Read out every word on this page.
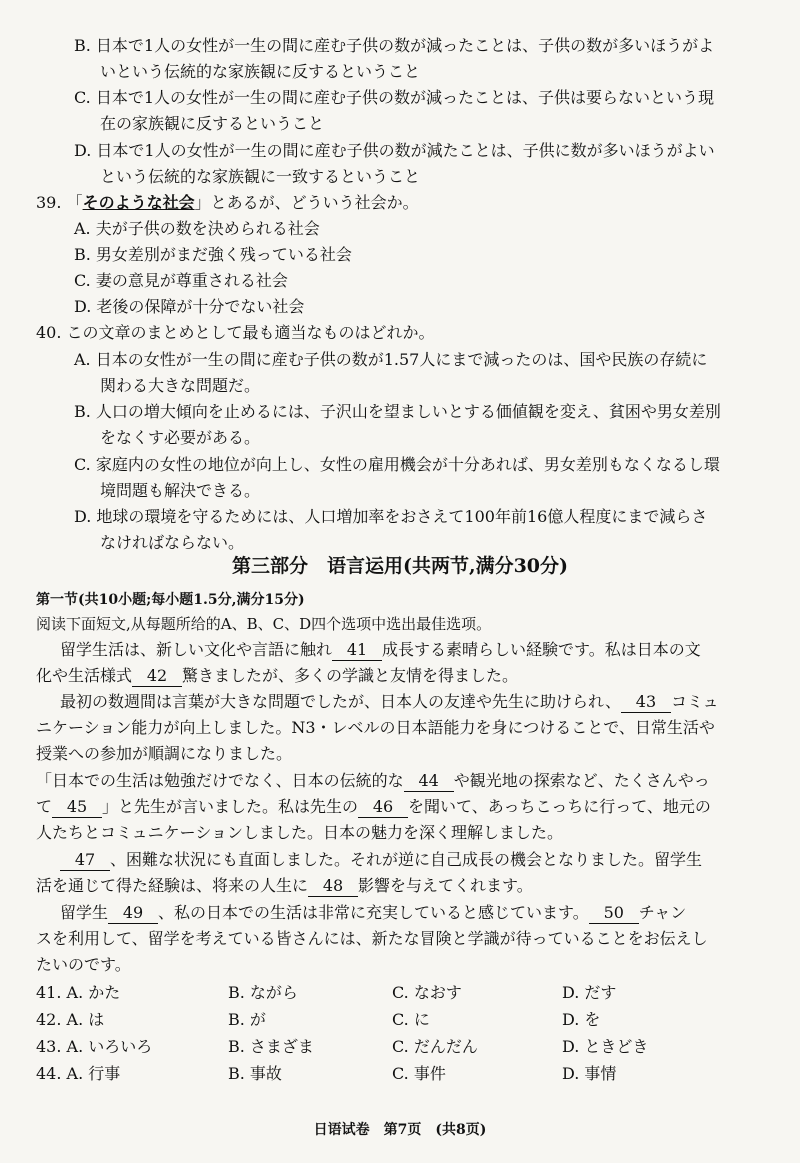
B. 日本で1人の女性が一生の間に産む子供の数が減ったことは、子供の数が多いほうがよ
いという伝統的な家族観に反するということ
C. 日本で1人の女性が一生の間に産む子供の数が減ったことは、子供は要らないという現
在の家族観に反するということ
D. 日本で1人の女性が一生の間に産む子供の数が減たことは、子供に数が多いほうがよい
という伝統的な家族観に一致するということ
39. 「そのような社会」とあるが、どういう社会か。
A. 夫が子供の数を決められる社会
B. 男女差別がまだ強く残っている社会
C. 妻の意見が尊重される社会
D. 老後の保障が十分でない社会
40. この文章のまとめとして最も適当なものはどれか。
A. 日本の女性が一生の間に産む子供の数が1.57人にまで減ったのは、国や民族の存続に
関わる大きな問題だ。
B. 人口の増大傾向を止めるには、子沢山を望ましいとする価値観を変え、貧困や男女差別
をなくす必要がある。
C. 家庭内の女性の地位が向上し、女性の雇用機会が十分あれば、男女差別もなくなるし環
境問題も解決できる。
D. 地球の環境を守るためには、人口増加率をおさえて100年前16億人程度にまで減らさ
なければならない。
第三部分　语言运用(共两节,满分30分)
第一节(共10小题;每小题1.5分,满分15分)
阅读下面短文,从每题所给的A、B、C、D四个选项中选出最佳选项。
留学生活は、新しい文化や言語に触れ 41 成長する素晴らしい経験です。私は日本の文
化や生活様式 42 驚きましたが、多くの学識と友情を得ました。
最初の数週間は言葉が大きな問題でしたが、日本人の友達や先生に助けられ、 43 コミュ
ニケーション能力が向上しました。N3・レベルの日本語能力を身につけることで、日常生活や
授業への参加が順調になりました。
「日本での生活は勉強だけでなく、日本の伝統的な 44 や観光地の探索など、たくさんやっ
て 45 」と先生が言いました。私は先生の 46 を聞いて、あっちこっちに行って、地元の
人たちとコミュニケーションしました。日本の魅力を深く理解しました。
47 、困難な状況にも直面しました。それが逆に自己成長の機会となりました。留学生
活を通じて得た経験は、将来の人生に 48 影響を与えてくれます。
留学生 49 、私の日本での生活は非常に充実していると感じています。 50 チャン
スを利用して、留学を考えている皆さんには、新たな冒険と学識が待っていることをお伝えし
たいのです。
41. A. かた	B. ながら	C. なおす	D. だす
42. A. は	B. が	C. に	D. を
43. A. いろいろ	B. さまざま	C. だんだん	D. ときどき
44. A. 行事	B. 事故	C. 事件	D. 事情
日语试卷　第7页　(共8页)
